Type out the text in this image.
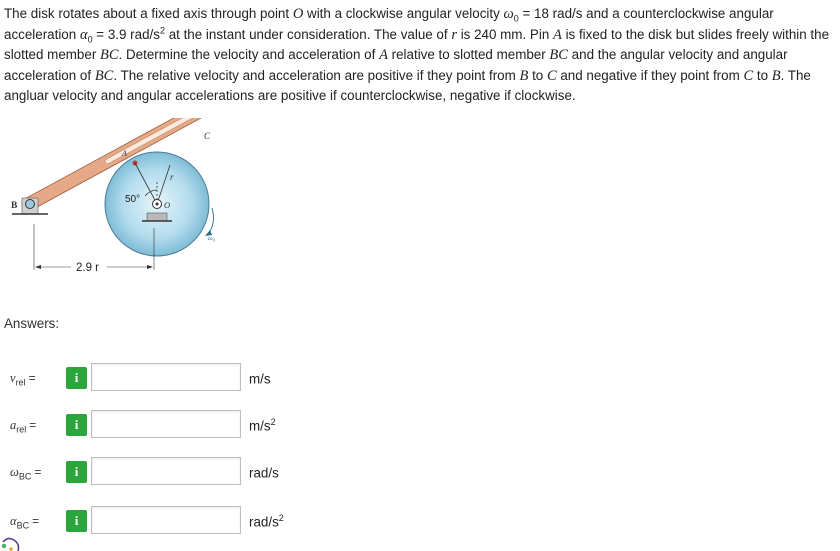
The disk rotates about a fixed axis through point O with a clockwise angular velocity $\omega_0 = 18$ rad/s and a counterclockwise angular acceleration $\alpha_0 = 3.9$ rad/$s^2$ at the instant under consideration. The value of r is 240 mm. Pin A is fixed to the disk but slides freely within the slotted member BC. Determine the velocity and acceleration of A relative to slotted member BC and the angular velocity and angular acceleration of BC. The relative velocity and acceleration are positive if they point from B to C and negative if they point from C to B. The angluar velocity and angular accelerations are positive if counterclockwise, negative if clockwise.
B
A
C
O
r
50°
$\omega_0$
2.9 r
Answers:
$v_{rel}$ =	i	m/s
$a_{rel}$ =	i	$m/s^2$
$\omega_{BC}$ =	i	rad/s
$\alpha_{BC}$ =	i	rad/$s^2$
